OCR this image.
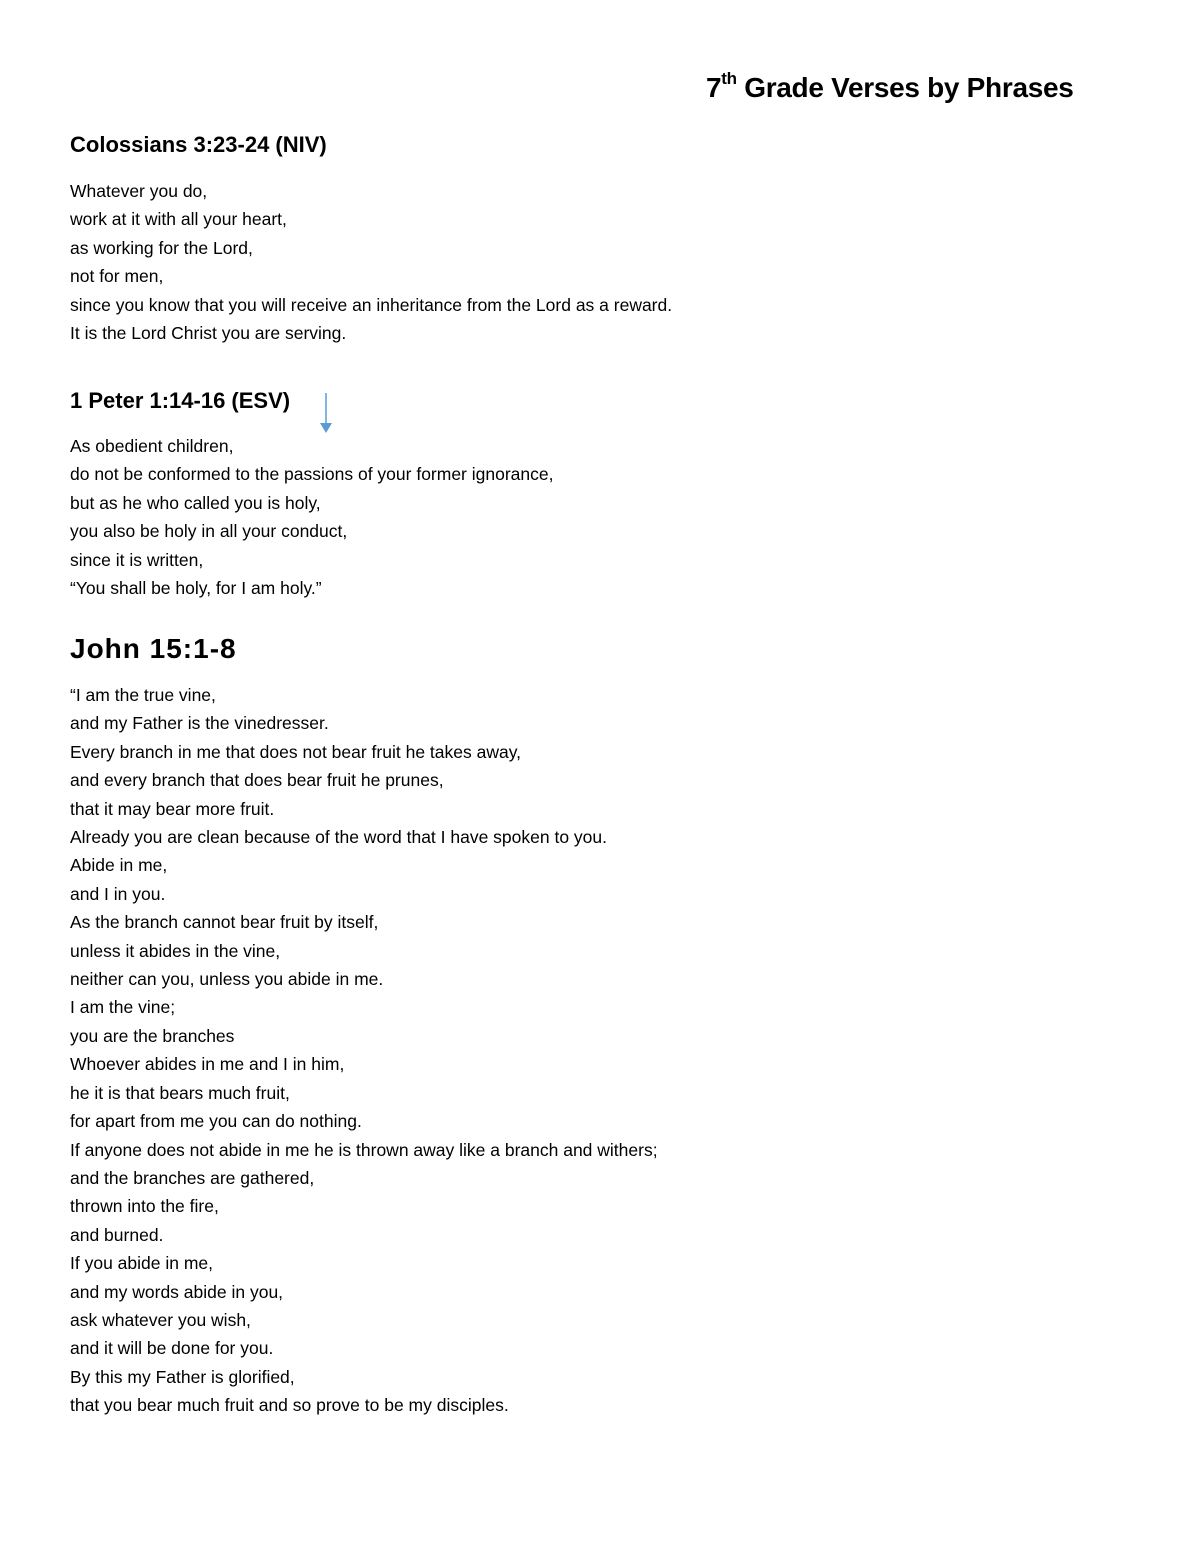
7th Grade Verses by Phrases
Colossians 3:23-24 (NIV)
Whatever you do,
work at it with all your heart,
as working for the Lord,
not for men,
since you know that you will receive an inheritance from the Lord as a reward.
It is the Lord Christ you are serving.
1 Peter 1:14-16 (ESV)
As obedient children,
do not be conformed to the passions of your former ignorance,
but as he who called you is holy,
you also be holy in all your conduct,
since it is written,
“You shall be holy, for I am holy.”
John 15:1-8
“I am the true vine,
and my Father is the vinedresser.
Every branch in me that does not bear fruit he takes away,
and every branch that does bear fruit he prunes,
that it may bear more fruit.
Already you are clean because of the word that I have spoken to you.
Abide in me,
and I in you.
As the branch cannot bear fruit by itself,
unless it abides in the vine,
neither can you, unless you abide in me.
I am the vine;
you are the branches
Whoever abides in me and I in him,
he it is that bears much fruit,
for apart from me you can do nothing.
If anyone does not abide in me he is thrown away like a branch and withers;
and the branches are gathered,
thrown into the fire,
and burned.
If you abide in me,
and my words abide in you,
ask whatever you wish,
and it will be done for you.
By this my Father is glorified,
that you bear much fruit and so prove to be my disciples.
